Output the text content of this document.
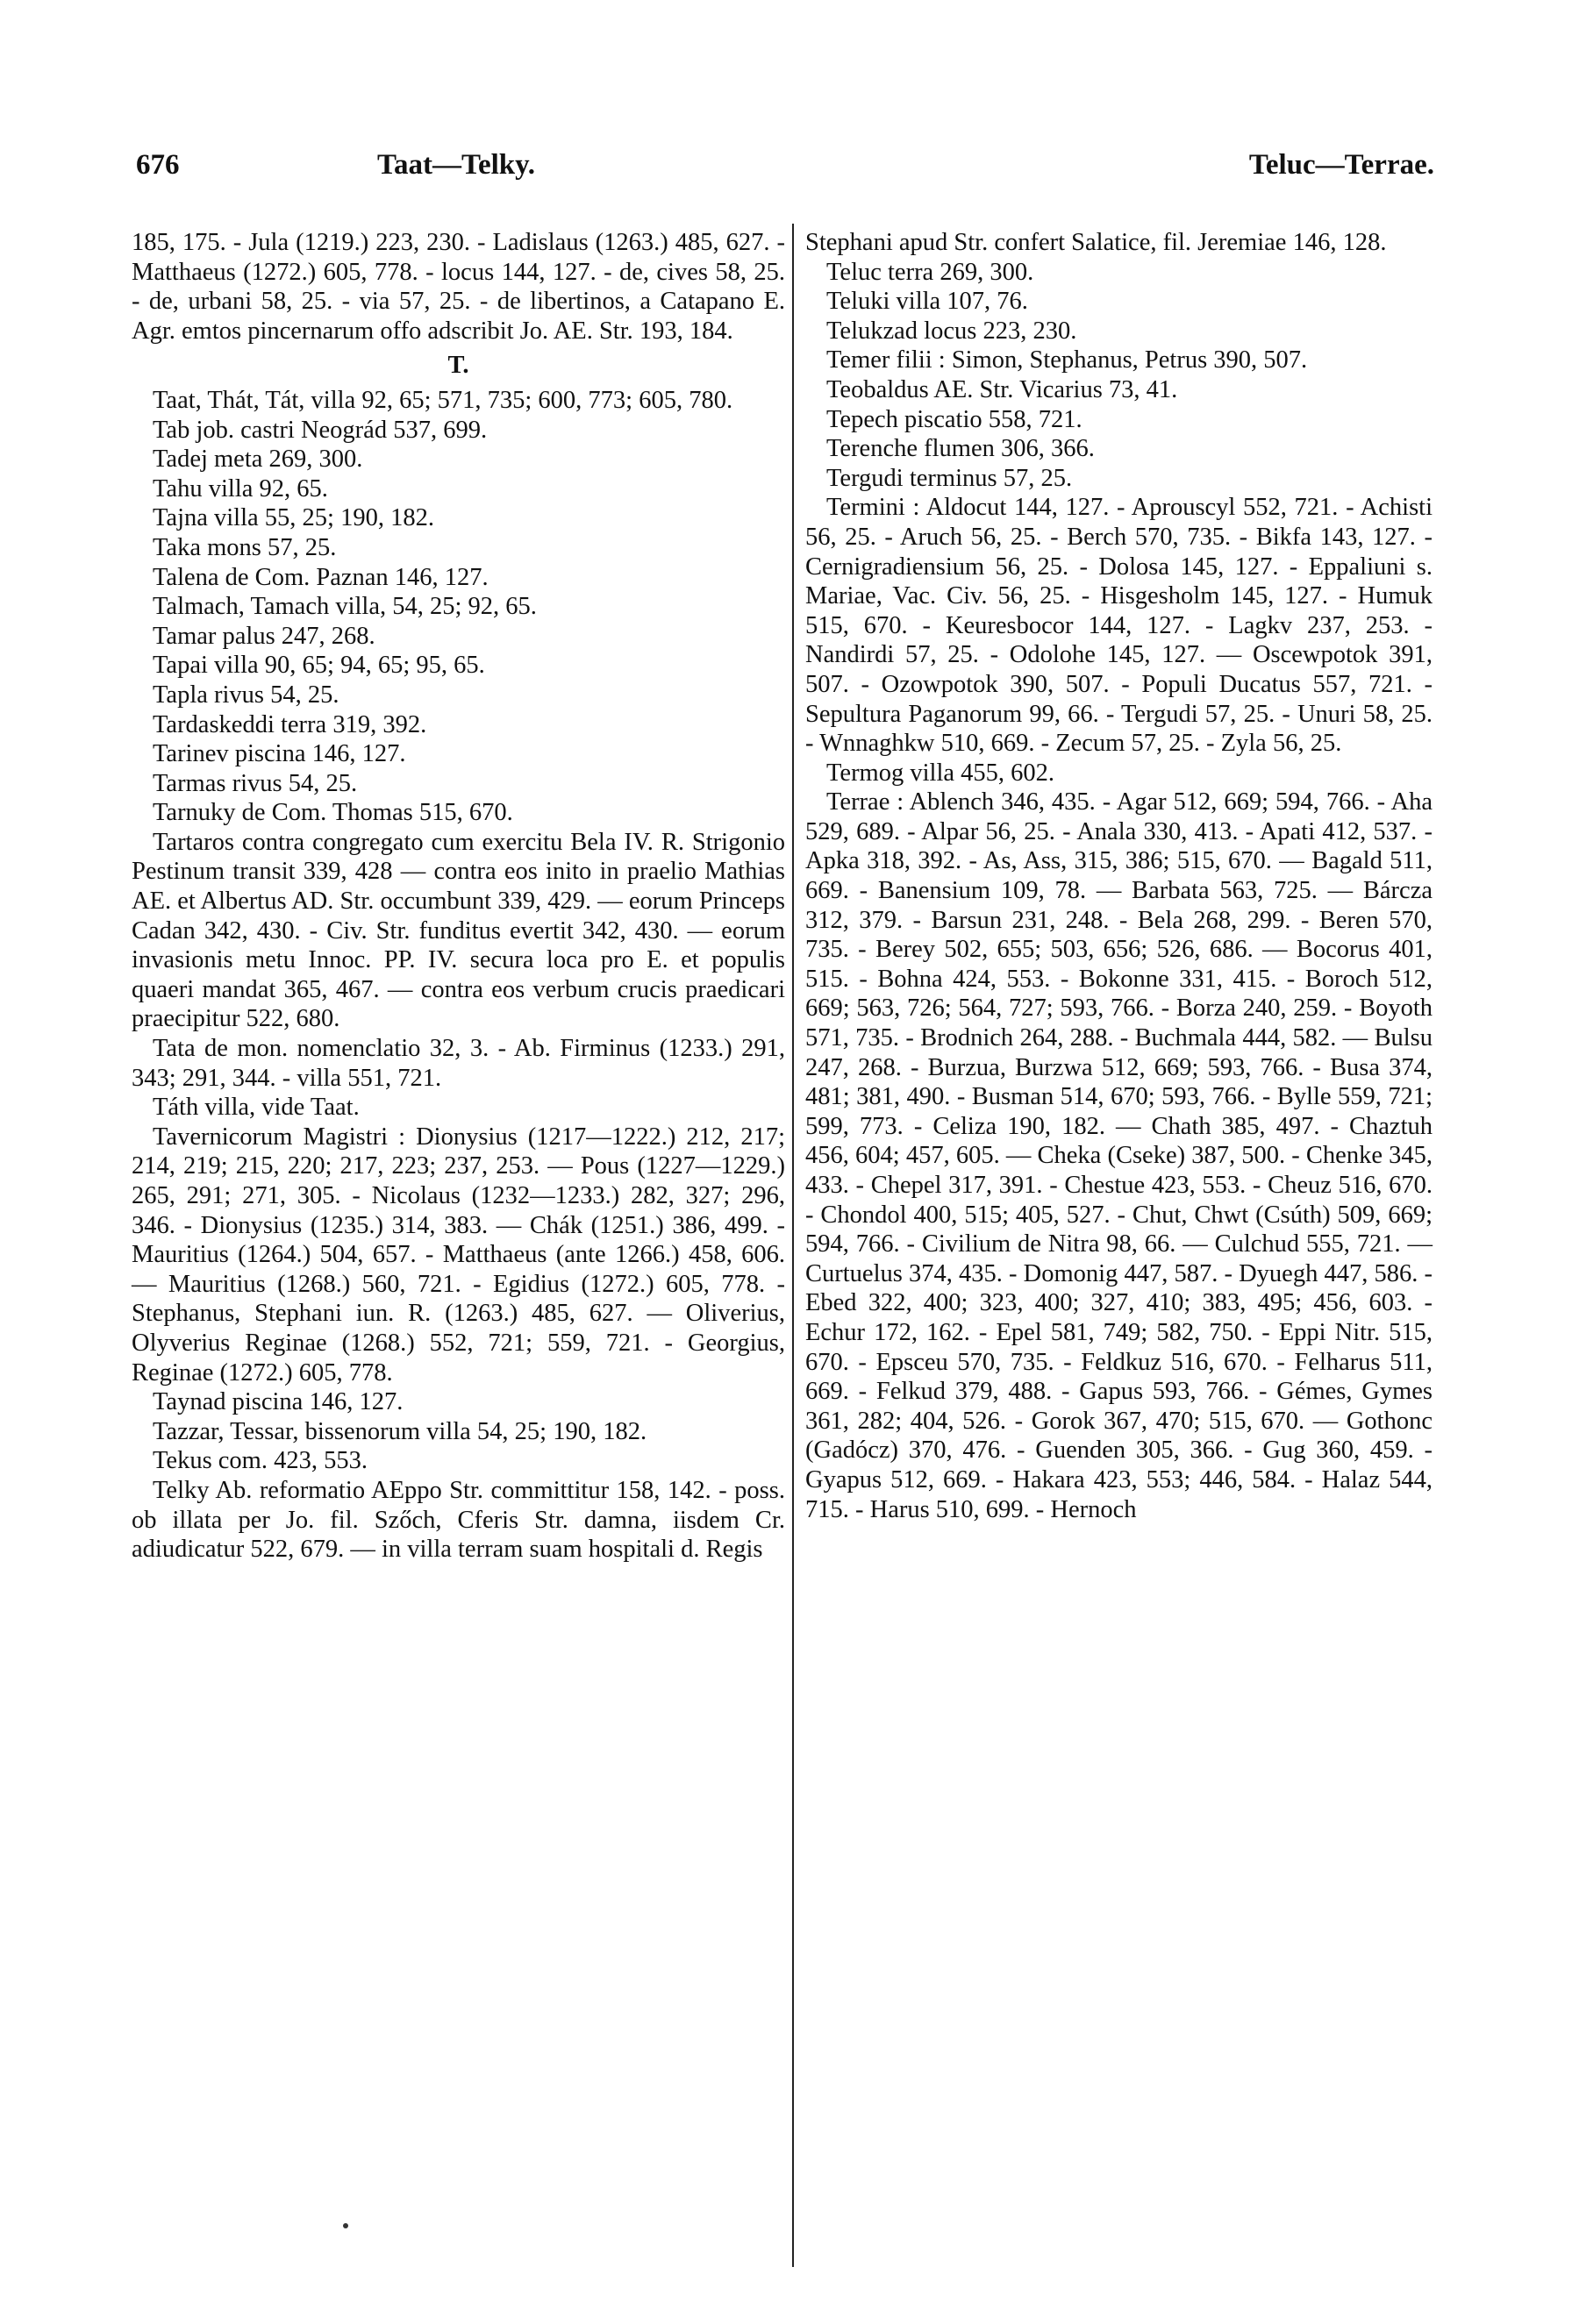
676	Taat—Telky.	Teluc—Terrae.

185, 175. - Jula (1219.) 223, 230. - Ladislaus (1263.) 485, 627. - Matthaeus (1272.) 605, 778. - locus 144, 127. - de, cives 58, 25. - de, urbani 58, 25. - via 57, 25. - de libertinos, a Catapano E. Agr. emtos pincernarum offo adscribit Jo. AE. Str. 193, 184.

T.

Taat, Thát, Tát, villa 92, 65; 571, 735; 600, 773; 605, 780.

Tab job. castri Neográd 537, 699.

Tadej meta 269, 300.

Tahu villa 92, 65.

Tajna villa 55, 25; 190, 182.

Taka mons 57, 25.

Talena de Com. Paznan 146, 127.

Talmach, Tamach villa, 54, 25; 92, 65.

Tamar palus 247, 268.

Tapai villa 90, 65; 94, 65; 95, 65.

Tapla rivus 54, 25.

Tardaskeddi terra 319, 392.

Tarinev piscina 146, 127.

Tarmas rivus 54, 25.

Tarnuky de Com. Thomas 515, 670.

Tartaros contra congregato cum exercitu Bela IV. R. Strigonio Pestinum transit 339, 428 — contra eos inito in praelio Mathias AE. et Albertus AD. Str. occumbunt 339, 429. — eorum Princeps Cadan 342, 430. - Civ. Str. funditus evertit 342, 430. — eorum invasionis metu Innoc. PP. IV. secura loca pro E. et populis quaeri mandat 365, 467. — contra eos verbum crucis praedicari praecipitur 522, 680.

Tata de mon. nomenclatio 32, 3. - Ab. Firminus (1233.) 291, 343; 291, 344. - villa 551, 721.

Táth villa, vide Taat.

Tavernicorum Magistri : Dionysius (1217—1222.) 212, 217; 214, 219; 215, 220; 217, 223; 237, 253. — Pous (1227—1229.) 265, 291; 271, 305. - Nicolaus (1232—1233.) 282, 327; 296, 346. - Dionysius (1235.) 314, 383. — Chák (1251.) 386, 499. - Mauritius (1264.) 504, 657. - Matthaeus (ante 1266.) 458, 606. — Mauritius (1268.) 560, 721. - Egidius (1272.) 605, 778. - Stephanus, Stephani iun. R. (1263.) 485, 627. — Oliverius, Olyverius Reginae (1268.) 552, 721; 559, 721. - Georgius, Reginae (1272.) 605, 778.

Taynad piscina 146, 127.

Tazzar, Tessar, bissenorum villa 54, 25; 190, 182.

Tekus com. 423, 553.

Telky Ab. reformatio AEppo Str. committitur 158, 142. - poss. ob illata per Jo. fil. Szőch, Cferis Str. damna, iisdem Cr. adiudicatur 522, 679. — in villa terram suam hospitali d. Regis

Stephani apud Str. confert Salatice, fil. Jeremiae 146, 128.

Teluc terra 269, 300.

Teluki villa 107, 76.

Telukzad locus 223, 230.

Temer filii : Simon, Stephanus, Petrus 390, 507.

Teobaldus AE. Str. Vicarius 73, 41.

Tepech piscatio 558, 721.

Terenche flumen 306, 366.

Tergudi terminus 57, 25.

Termini : Aldocut 144, 127. - Aprouscyl 552, 721. - Achisti 56, 25. - Aruch 56, 25. - Berch 570, 735. - Bikfa 143, 127. - Cernigradiensium 56, 25. - Dolosa 145, 127. - Eppaliuni s. Mariae, Vac. Civ. 56, 25. - Hisgesholm 145, 127. - Humuk 515, 670. - Keuresbocor 144, 127. - Lagkv 237, 253. - Nandirdi 57, 25. - Odolohe 145, 127. — Oscewpotok 391, 507. - Ozowpotok 390, 507. - Populi Ducatus 557, 721. - Sepultura Paganorum 99, 66. - Tergudi 57, 25. - Unuri 58, 25. - Wnnaghkw 510, 669. - Zecum 57, 25. - Zyla 56, 25.

Termog villa 455, 602.

Terrae : Ablench 346, 435. - Agar 512, 669; 594, 766. - Aha 529, 689. - Alpar 56, 25. - Anala 330, 413. - Apati 412, 537. - Apka 318, 392. - As, Ass, 315, 386; 515, 670. — Bagald 511, 669. - Banensium 109, 78. — Barbata 563, 725. — Bárcza 312, 379. - Barsun 231, 248. - Bela 268, 299. - Beren 570, 735. - Berey 502, 655; 503, 656; 526, 686. — Bocorus 401, 515. - Bohna 424, 553. - Bokonne 331, 415. - Boroch 512, 669; 563, 726; 564, 727; 593, 766. - Borza 240, 259. - Boyoth 571, 735. - Brodnich 264, 288. - Buchmala 444, 582. — Bulsu 247, 268. - Burzua, Burzwa 512, 669; 593, 766. - Busa 374, 481; 381, 490. - Busman 514, 670; 593, 766. - Bylle 559, 721; 599, 773. - Celiza 190, 182. — Chath 385, 497. - Chaztuh 456, 604; 457, 605. — Cheka (Cseke) 387, 500. - Chenke 345, 433. - Chepel 317, 391. - Chestue 423, 553. - Cheuz 516, 670. - Chondol 400, 515; 405, 527. - Chut, Chwt (Csúth) 509, 669; 594, 766. - Civilium de Nitra 98, 66. — Culchud 555, 721. — Curtuelus 374, 435. - Domonig 447, 587. - Dyuegh 447, 586. - Ebed 322, 400; 323, 400; 327, 410; 383, 495; 456, 603. - Echur 172, 162. - Epel 581, 749; 582, 750. - Eppi Nitr. 515, 670. - Epsceu 570, 735. - Feldkuz 516, 670. - Felharus 511, 669. - Felkud 379, 488. - Gapus 593, 766. - Gémes, Gymes 361, 282; 404, 526. - Gorok 367, 470; 515, 670. — Gothonc (Gadócz) 370, 476. - Guenden 305, 366. - Gug 360, 459. - Gyapus 512, 669. - Hakara 423, 553; 446, 584. - Halaz 544, 715. - Harus 510, 699. - Hernoch
